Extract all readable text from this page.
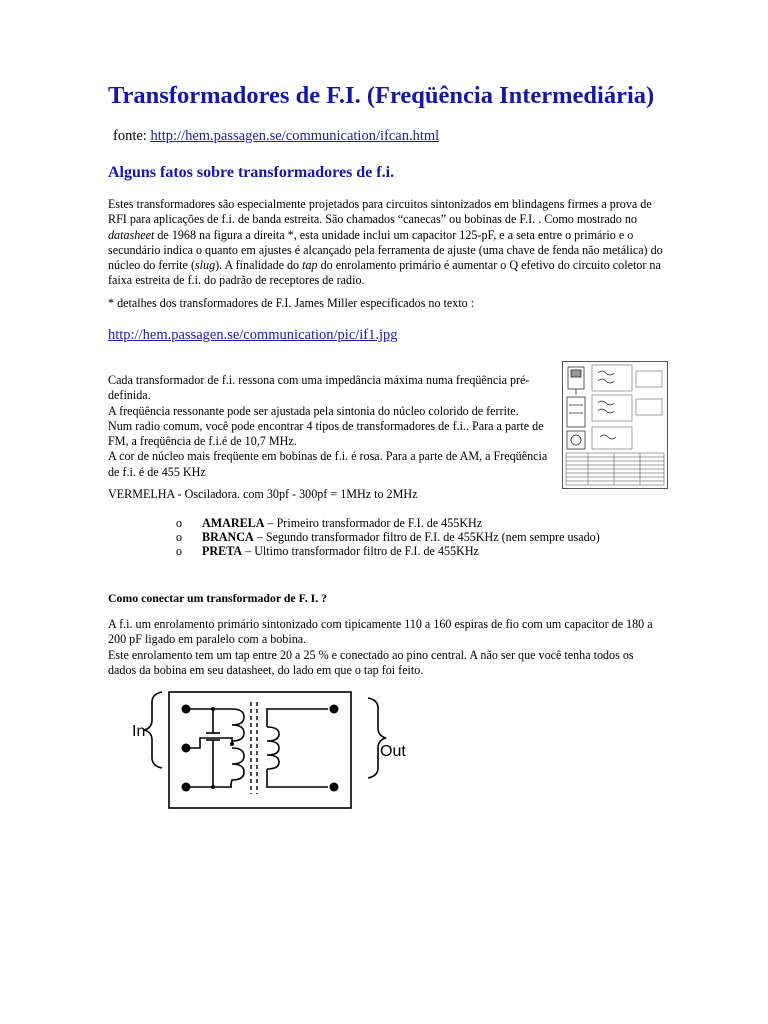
Transformadores de F.I. (Freqüência Intermediária)
fonte: http://hem.passagen.se/communication/ifcan.html
Alguns fatos sobre transformadores de f.i.
Estes transformadores são especialmente projetados para circuitos sintonizados em blindagens firmes a prova de RFI para aplicações de f.i. de banda estreita. São chamados “canecas” ou bobinas de F.I. . Como mostrado no datasheet de 1968 na figura a direita *, esta unidade inclui um capacitor 125-pF, e a seta entre o primário e o secundário indica o quanto em ajustes é alcançado pela ferramenta de ajuste (uma chave de fenda não metálica) do núcleo do ferrite (slug). A finalidade do tap do enrolamento primário é aumentar o Q efetivo do circuito coletor na faixa estreita de f.i. do padrão de receptores de radio.
* detalhes dos transformadores de F.I. James Miller especificados no texto :
http://hem.passagen.se/communication/pic/if1.jpg
Cada transformador de f.i. ressona com uma impedância máxima numa freqüência pré-definida.
A freqüência ressonante pode ser ajustada pela sintonia do núcleo colorido de ferrite.
Num radio comum, você pode encontrar 4 tipos de transformadores de f.i.. Para a parte de FM, a freqüência de f.i.é de 10,7 MHz.
A cor de núcleo mais freqüente em bobinas de f.i. é rosa. Para a parte de AM, a Freqüência de f.i. é de 455 KHz
VERMELHA - Osciladora. com 30pf - 300pf = 1MHz to 2MHz
o AMARELA – Primeiro transformador de F.I. de 455KHz
o BRANCA – Segundo transformador filtro de F.I. de 455KHz (nem sempre usado)
o PRETA – Ultimo transformador filtro de F.I. de 455KHz
Como conectar um transformador de F. I. ?
A f.i. um enrolamento primário sintonizado com tipicamente 110 a 160 espiras de fio com um capacitor de 180 a 200 pF ligado em paralelo com a bobina.
Este enrolamento tem um tap entre 20 a 25 % e conectado ao pino central. A não ser que você tenha todos os dados da bobina em seu datasheet, do lado em que o tap foi feito.
In
Out
